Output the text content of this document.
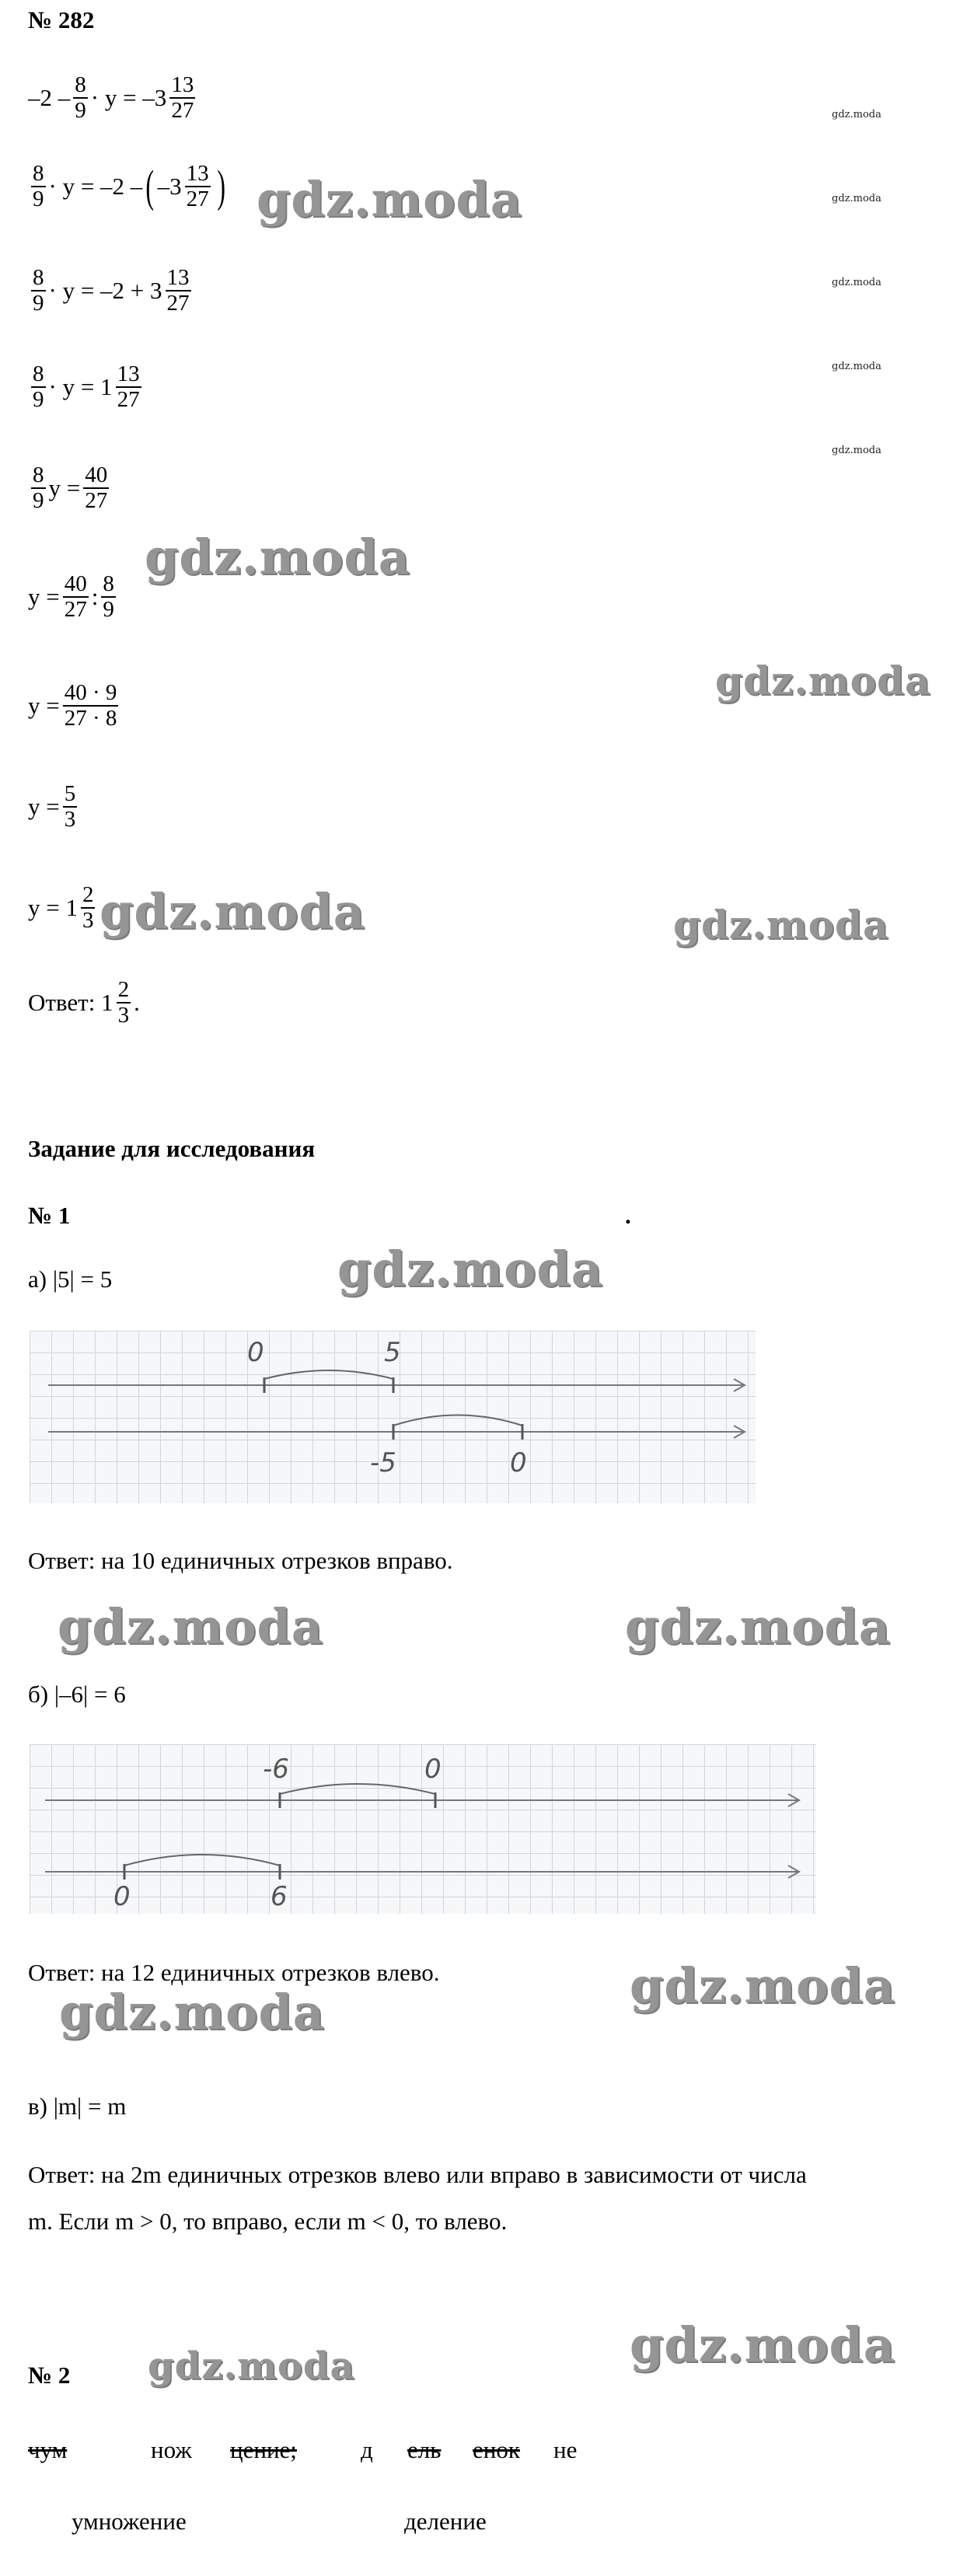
№ 282
$-2 - \frac{8}{9} \cdot y = -3 \frac{13}{27}$
$\frac{8}{9} \cdot y = -2$ – ( $-3 \frac{13}{27}$ )
$\frac{8}{9} \cdot y = -2 + 3 \frac{13}{27}$
$\frac{8}{9} \cdot y = 1 \frac{13}{27}$
$\frac{8}{9}$ $y = \frac{40}{27}$
$y = \frac{40}{27}$ : $\frac{8}{9}$
$y = \frac{40 \cdot 9}{27 \cdot 8}$
$y = \frac{5}{3}$
$y = 1 \frac{2}{3}$
Ответ: $1 \frac{2}{3}$ .
Задание для исследования
№ 1	.
а) |5| = 5
0	5
-5	0
Ответ: на 10 единичных отрезков вправо.
б) |–6| = 6
-6	0
0	6
Ответ: на 12 единичных отрезков влево.
в) |m| = m
Ответ: на 2m единичных отрезков влево или вправо в зависимости от числа
m. Если m > 0, то вправо, если m < 0, то влево.
№ 2
чум	нож цение;	д ель енок не
умножение	деление
gdz.moda
gdz.moda
gdz.moda
gdz.moda
gdz.moda
gdz.moda
gdz.moda
gdz.moda
gdz.moda	gdz.moda
gdz.moda
gdz.moda	gdz.moda
gdz.moda	gdz.moda
gdz.moda
gdz.moda
